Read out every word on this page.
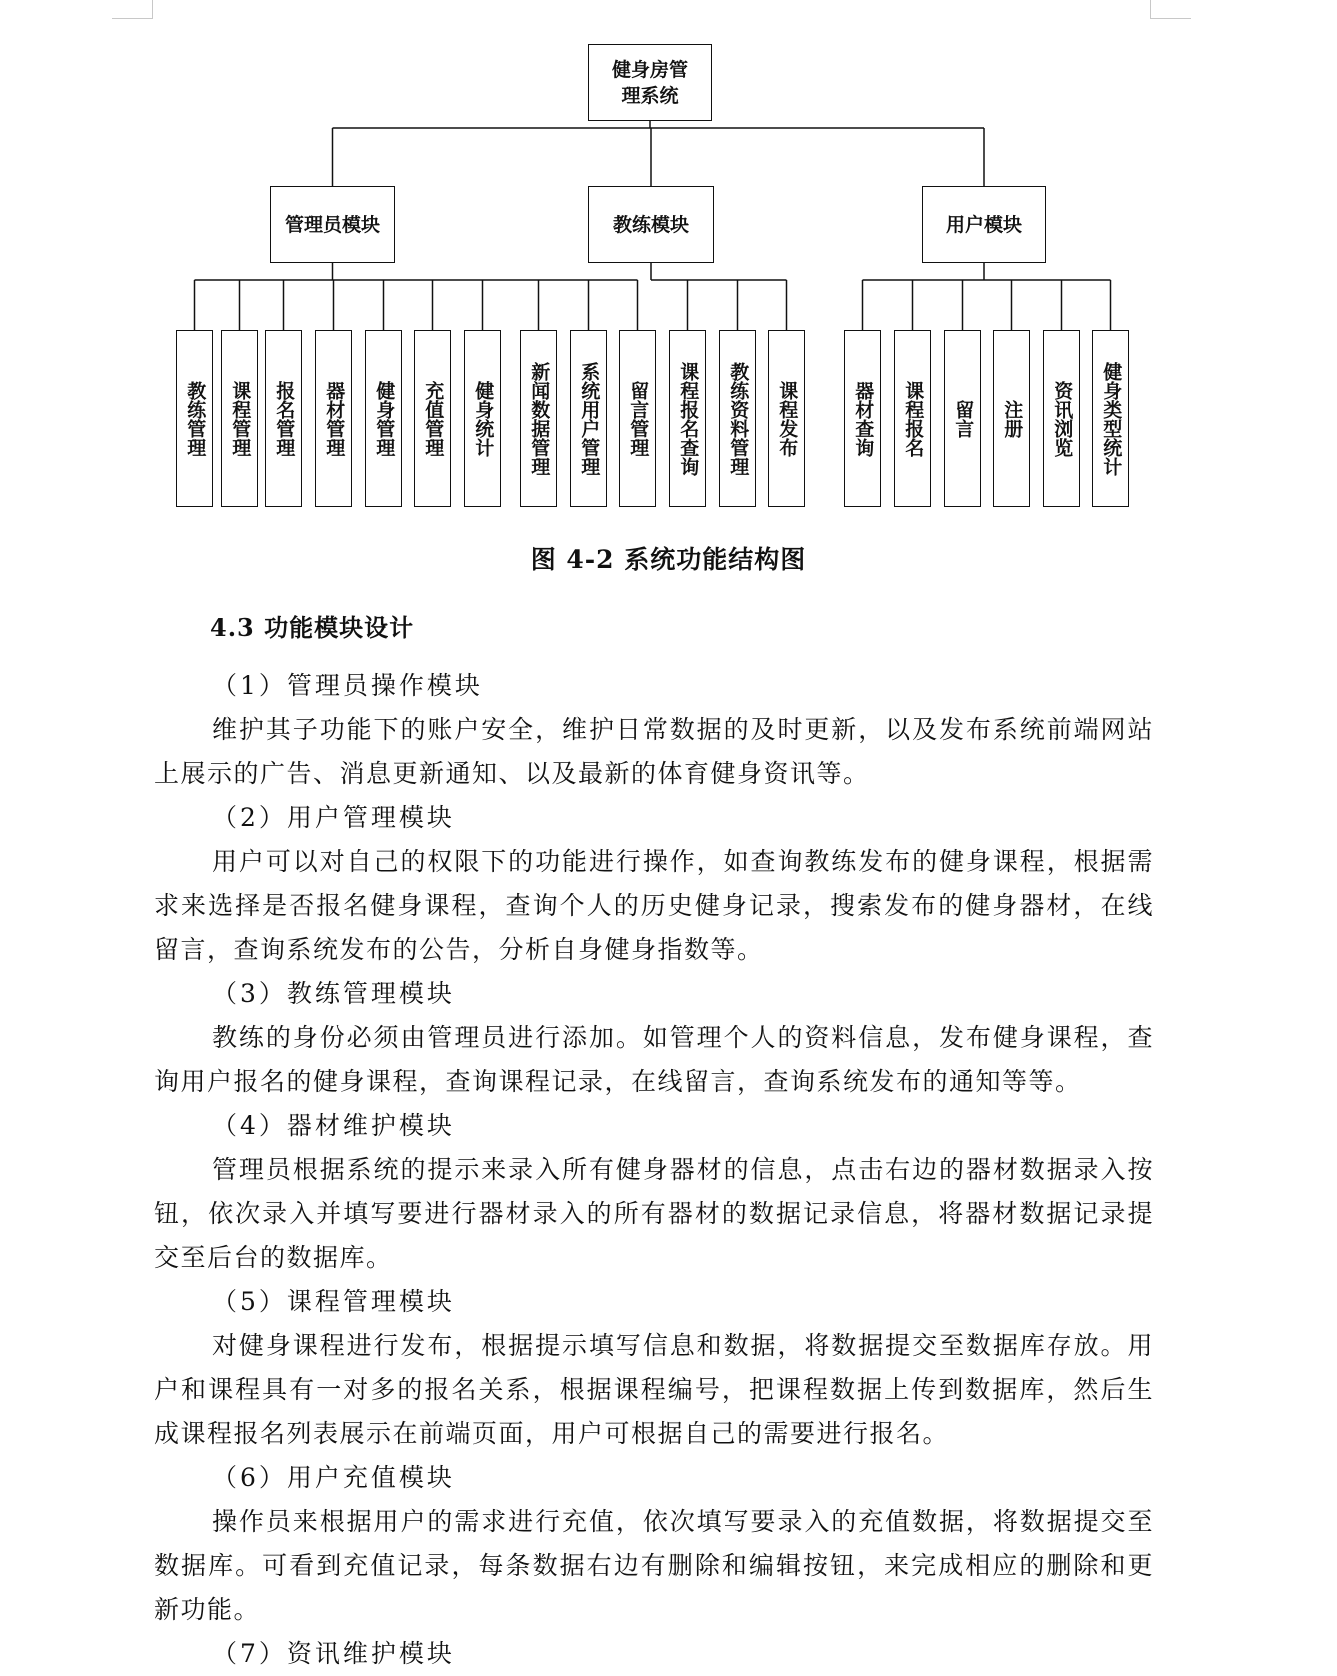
健身房管理系统
管理员模块	教练模块	用户模块
教练管理	课程管理	报名管理	器材管理	健身管理	充值管理	健身统计	新闻数据管理	系统用户管理	留言管理	课程报名查询	教练资料管理	课程发布	器材查询	课程报名	留言	注册	资讯浏览	健身类型统计
图 4-2 系统功能结构图
4.3 功能模块设计
（1）管理员操作模块
维护其子功能下的账户安全，维护日常数据的及时更新，以及发布系统前端网站上展示的广告、消息更新通知、以及最新的体育健身资讯等。
（2）用户管理模块
用户可以对自己的权限下的功能进行操作，如查询教练发布的健身课程，根据需求来选择是否报名健身课程，查询个人的历史健身记录，搜索发布的健身器材，在线留言，查询系统发布的公告，分析自身健身指数等。
（3）教练管理模块
教练的身份必须由管理员进行添加。如管理个人的资料信息，发布健身课程，查询用户报名的健身课程，查询课程记录，在线留言，查询系统发布的通知等等。
（4）器材维护模块
管理员根据系统的提示来录入所有健身器材的信息，点击右边的器材数据录入按钮，依次录入并填写要进行器材录入的所有器材的数据记录信息，将器材数据记录提交至后台的数据库。
（5）课程管理模块
对健身课程进行发布，根据提示填写信息和数据，将数据提交至数据库存放。用户和课程具有一对多的报名关系，根据课程编号，把课程数据上传到数据库，然后生成课程报名列表展示在前端页面，用户可根据自己的需要进行报名。
（6）用户充值模块
操作员来根据用户的需求进行充值，依次填写要录入的充值数据，将数据提交至数据库。可看到充值记录，每条数据右边有删除和编辑按钮，来完成相应的删除和更新功能。
（7）资讯维护模块
